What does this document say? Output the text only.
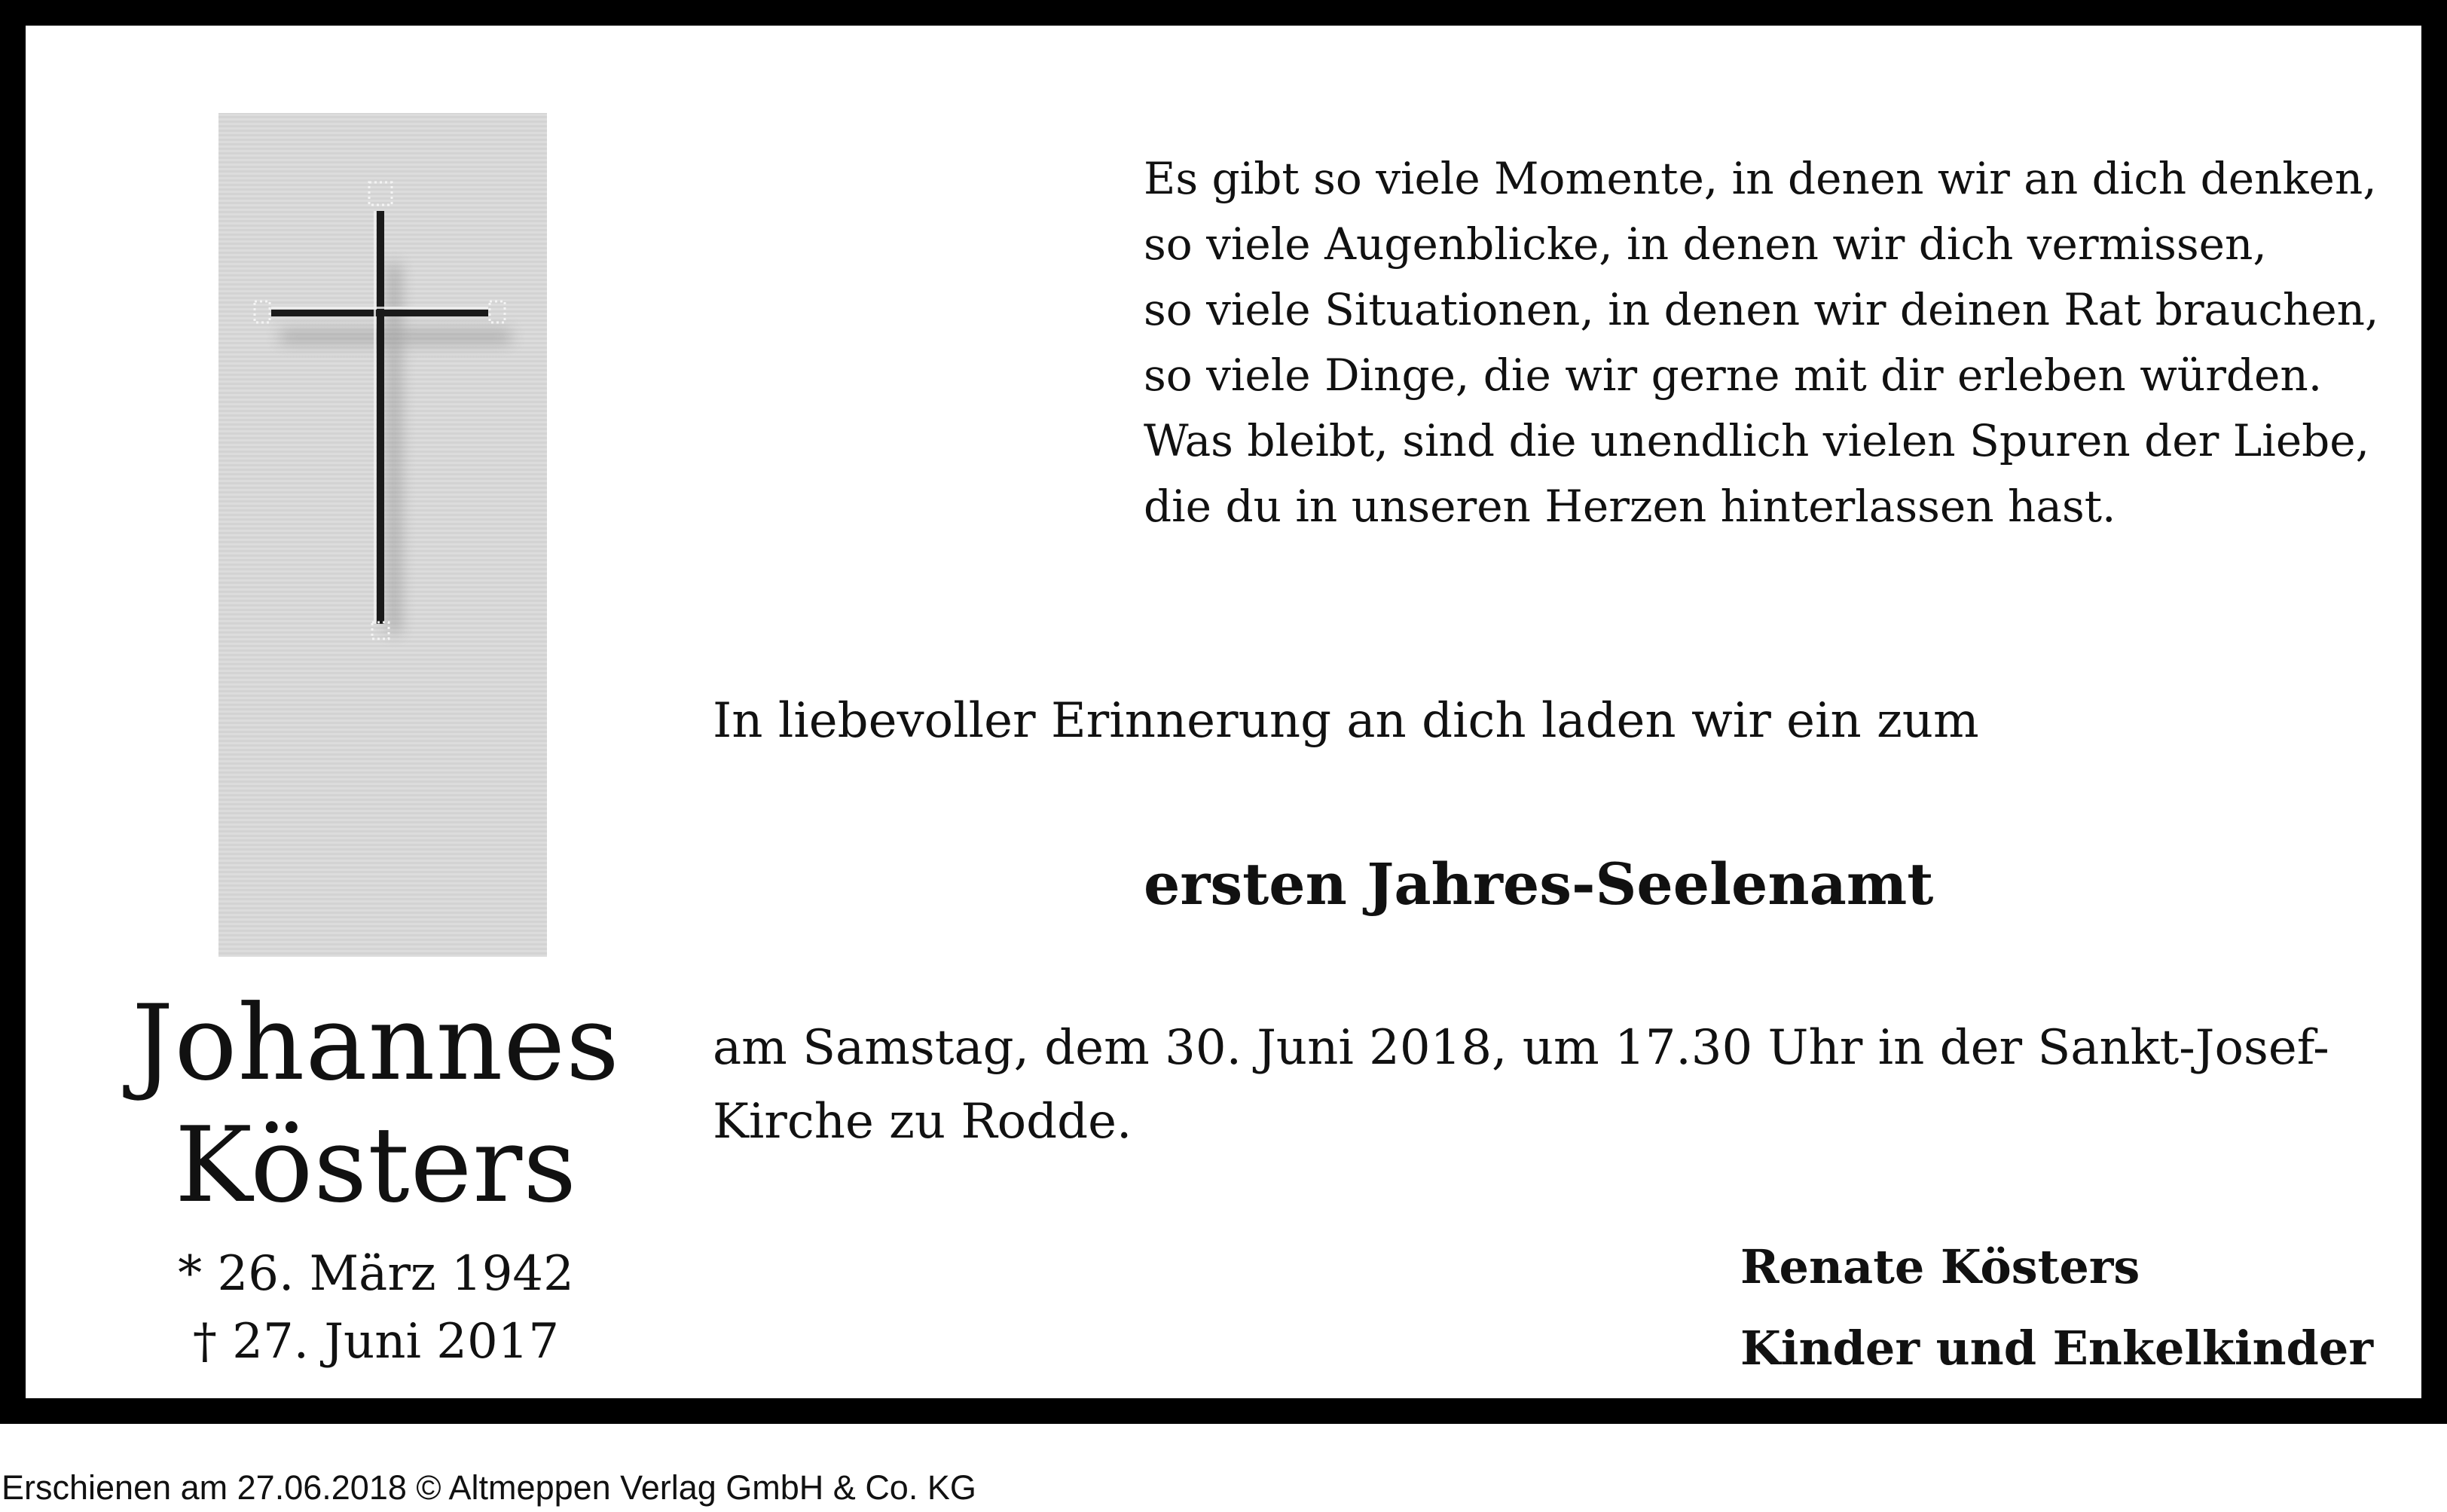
Johannes
Kösters
* 26. März 1942
† 27. Juni 2017
Es gibt so viele Momente, in denen wir an dich denken,
so viele Augenblicke, in denen wir dich vermissen,
so viele Situationen, in denen wir deinen Rat brauchen,
so viele Dinge, die wir gerne mit dir erleben würden.
Was bleibt, sind die unendlich vielen Spuren der Liebe,
die du in unseren Herzen hinterlassen hast.
In liebevoller Erinnerung an dich laden wir ein zum
ersten Jahres-Seelenamt
am Samstag, dem 30. Juni 2018, um 17.30 Uhr in der Sankt-Josef-
Kirche zu Rodde.
Renate Kösters
Kinder und Enkelkinder
Erschienen am 27.06.2018 © Altmeppen Verlag GmbH & Co. KG
